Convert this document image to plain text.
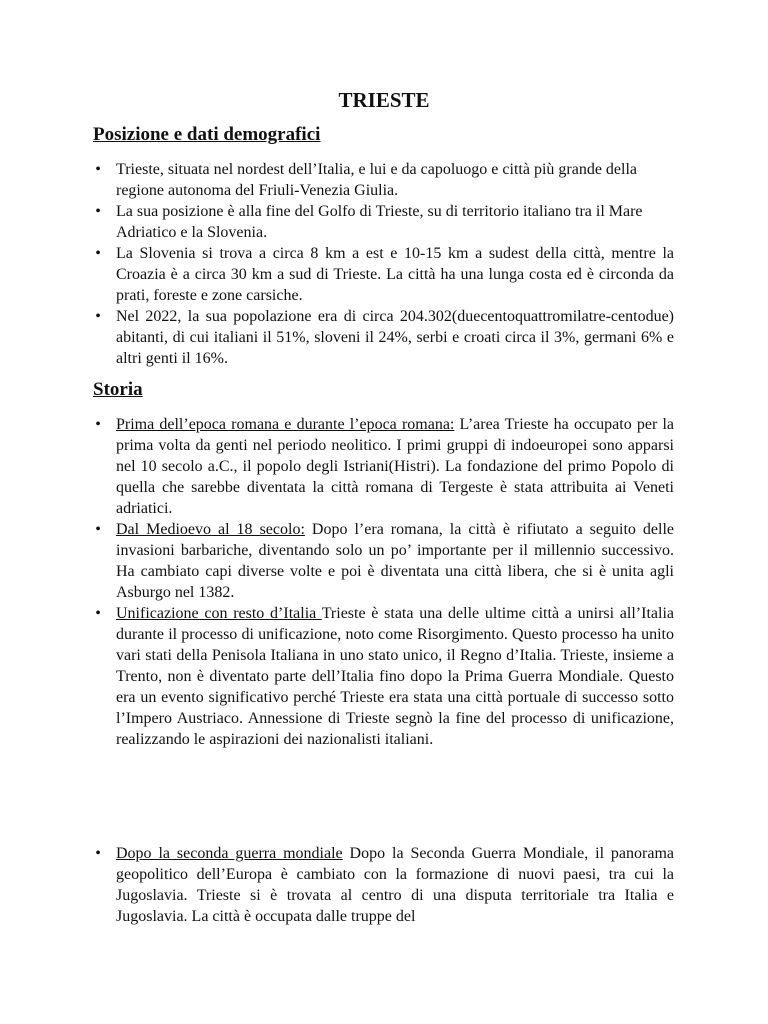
TRIESTE
Posizione e dati demografici
• Trieste, situata nel nordest dell’Italia, e lui e da capoluogo e città più grande della regione autonoma del Friuli-Venezia Giulia.
• La sua posizione è alla fine del Golfo di Trieste, su di territorio italiano tra il Mare Adriatico e la Slovenia.
• La Slovenia si trova a circa 8 km a est e 10-15 km a sudest della città, mentre la Croazia è a circa 30 km a sud di Trieste. La città ha una lunga costa ed è circonda da prati, foreste e zone carsiche.
• Nel 2022, la sua popolazione era di circa 204.302(duecentoquattromilatre-centodue) abitanti, di cui italiani il 51%, sloveni il 24%, serbi e croati circa il 3%, germani 6% e altri genti il 16%.
Storia
• Prima dell’epoca romana e durante l’epoca romana: L’area Trieste ha occupato per la prima volta da genti nel periodo neolitico. I primi gruppi di indoeuropei sono apparsi nel 10 secolo a.C., il popolo degli Istriani(Histri). La fondazione del primo Popolo di quella che sarebbe diventata la città romana di Tergeste è stata attribuita ai Veneti adriatici.
• Dal Medioevo al 18 secolo: Dopo l’era romana, la città è rifiutato a seguito delle invasioni barbariche, diventando solo un po’ importante per il millennio successivo. Ha cambiato capi diverse volte e poi è diventata una città libera, che si è unita agli Asburgo nel 1382.
• Unificazione con resto d’Italia Trieste è stata una delle ultime città a unirsi all’Italia durante il processo di unificazione, noto come Risorgimento. Questo processo ha unito vari stati della Penisola Italiana in uno stato unico, il Regno d’Italia. Trieste, insieme a Trento, non è diventato parte dell’Italia fino dopo la Prima Guerra Mondiale. Questo era un evento significativo perché Trieste era stata una città portuale di successo sotto l’Impero Austriaco. Annessione di Trieste segnò la fine del processo di unificazione, realizzando le aspirazioni dei nazionalisti italiani.
• Dopo la seconda guerra mondiale Dopo la Seconda Guerra Mondiale, il panorama geopolitico dell’Europa è cambiato con la formazione di nuovi paesi, tra cui la Jugoslavia. Trieste si è trovata al centro di una disputa territoriale tra Italia e Jugoslavia. La città è occupata dalle truppe del
